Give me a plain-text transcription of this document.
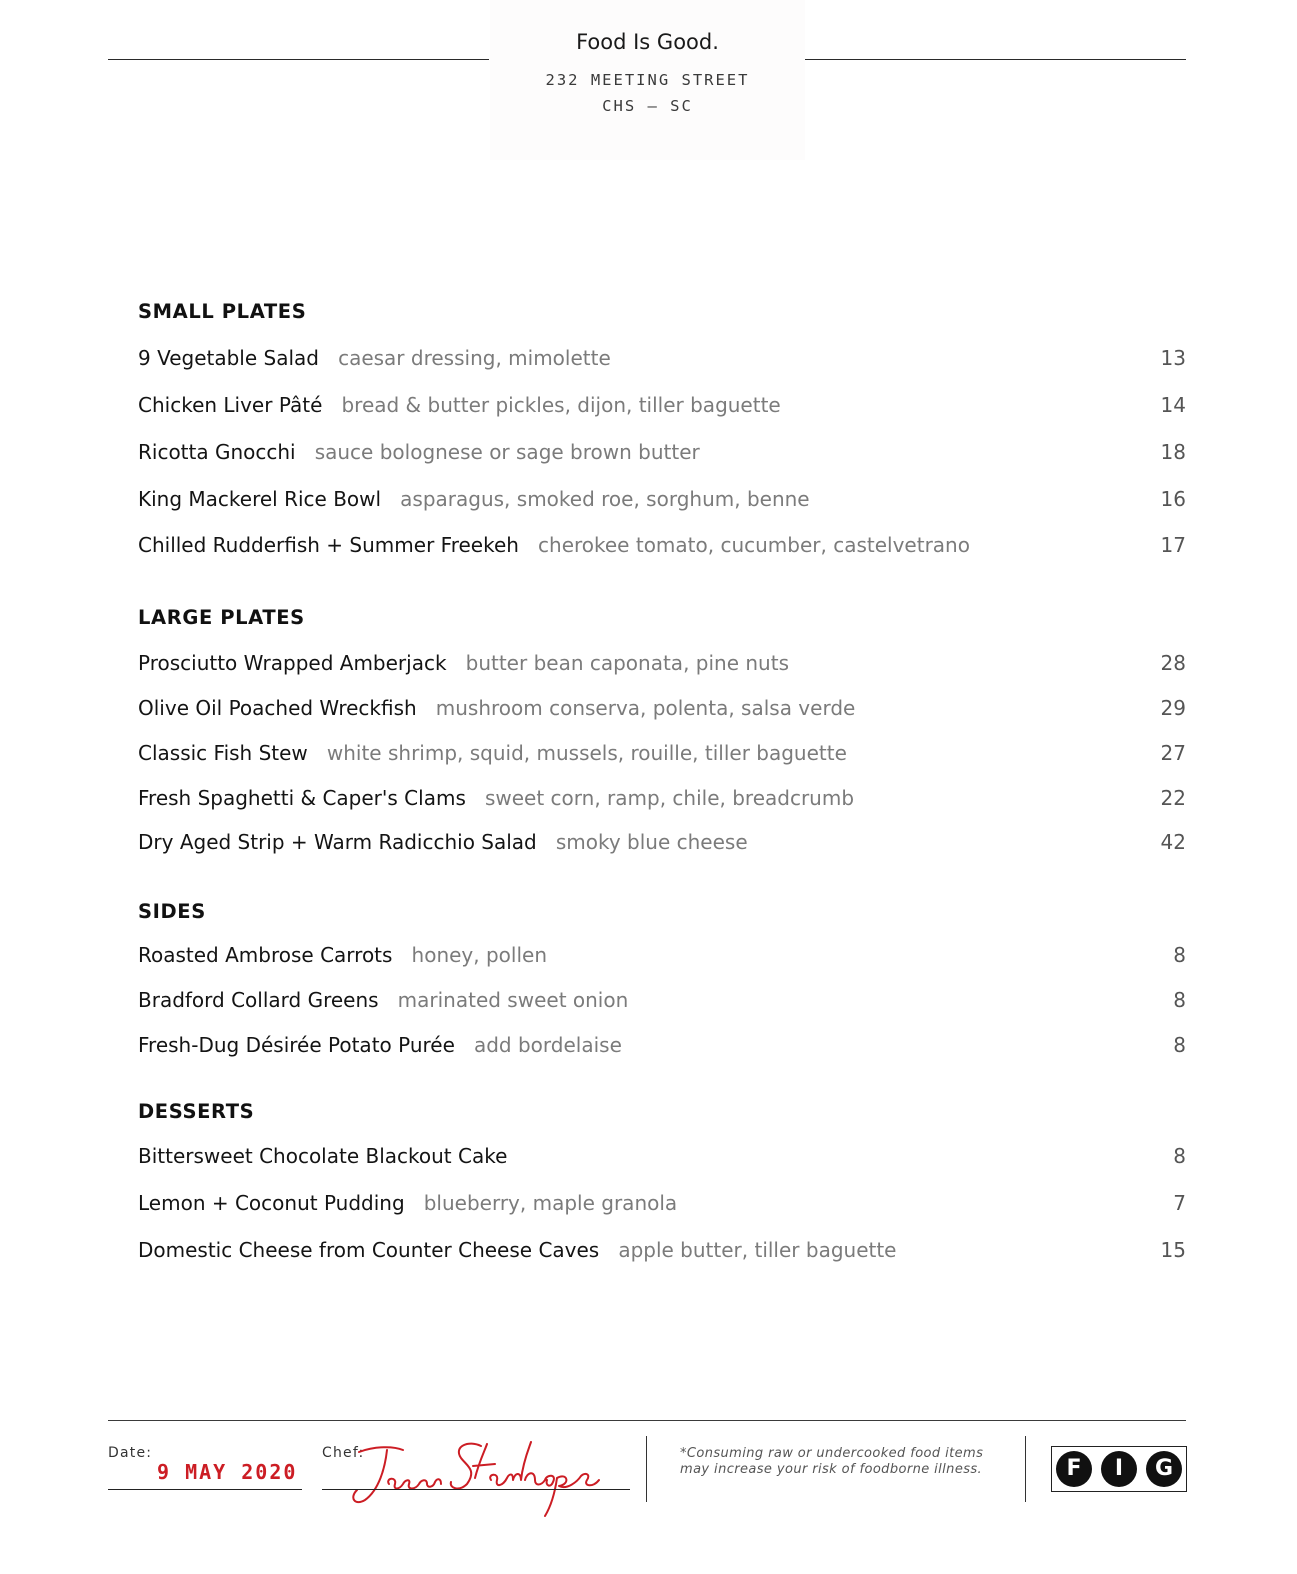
Food Is Good.
232 MEETING STREET
CHS — SC
SMALL PLATES
9 Vegetable Salad caesar dressing, mimolette	13
Chicken Liver Pâté bread & butter pickles, dijon, tiller baguette	14
Ricotta Gnocchi sauce bolognese or sage brown butter	18
King Mackerel Rice Bowl asparagus, smoked roe, sorghum, benne	16
Chilled Rudderfish + Summer Freekeh cherokee tomato, cucumber, castelvetrano	17
LARGE PLATES
Prosciutto Wrapped Amberjack butter bean caponata, pine nuts	28
Olive Oil Poached Wreckfish mushroom conserva, polenta, salsa verde	29
Classic Fish Stew white shrimp, squid, mussels, rouille, tiller baguette	27
Fresh Spaghetti & Caper's Clams sweet corn, ramp, chile, breadcrumb	22
Dry Aged Strip + Warm Radicchio Salad smoky blue cheese	42
SIDES
Roasted Ambrose Carrots honey, pollen	8
Bradford Collard Greens marinated sweet onion	8
Fresh-Dug Désirée Potato Purée add bordelaise	8
DESSERTS
Bittersweet Chocolate Blackout Cake	8
Lemon + Coconut Pudding blueberry, maple granola	7
Domestic Cheese from Counter Cheese Caves apple butter, tiller baguette	15
Date:
9 MAY 2020
Chef:	*Consuming raw or undercooked food items
may increase your risk of foodborne illness.	F	I	G
